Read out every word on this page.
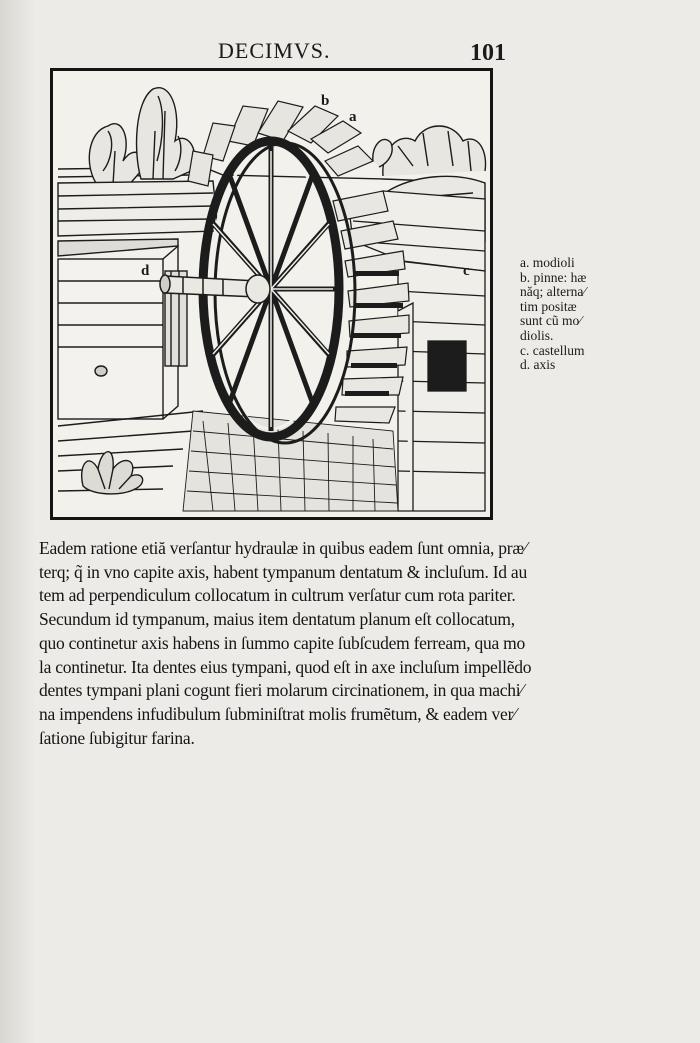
DECIMVS.	101
b
a
c
d
a. modioli
b. pinne: hæ
năq; alterna⁄
tim positæ
sunt cũ mo⁄
diolis.
c. castellum
d. axis
Eadem ratione etiă verſantur hydraulæ in quibus eadem ſunt omnia, præ⁄
terq; q̃ in vno capite axis, habent tympanum dentatum & incluſum. Id au
tem ad perpendiculum collocatum in cultrum verſatur cum rota pariter.
Secundum id tympanum, maius item dentatum planum eſt collocatum,
quo continetur axis habens in ſummo capite ſubſcudem ferream, qua mo
la continetur. Ita dentes eius tympani, quod eſt in axe incluſum impellẽdo
dentes tympani plani cogunt fieri molarum circinationem, in qua machi⁄
na impendens infudibulum ſubminiſtrat molis frumẽtum, & eadem ver⁄
ſatione ſubigitur farina.
